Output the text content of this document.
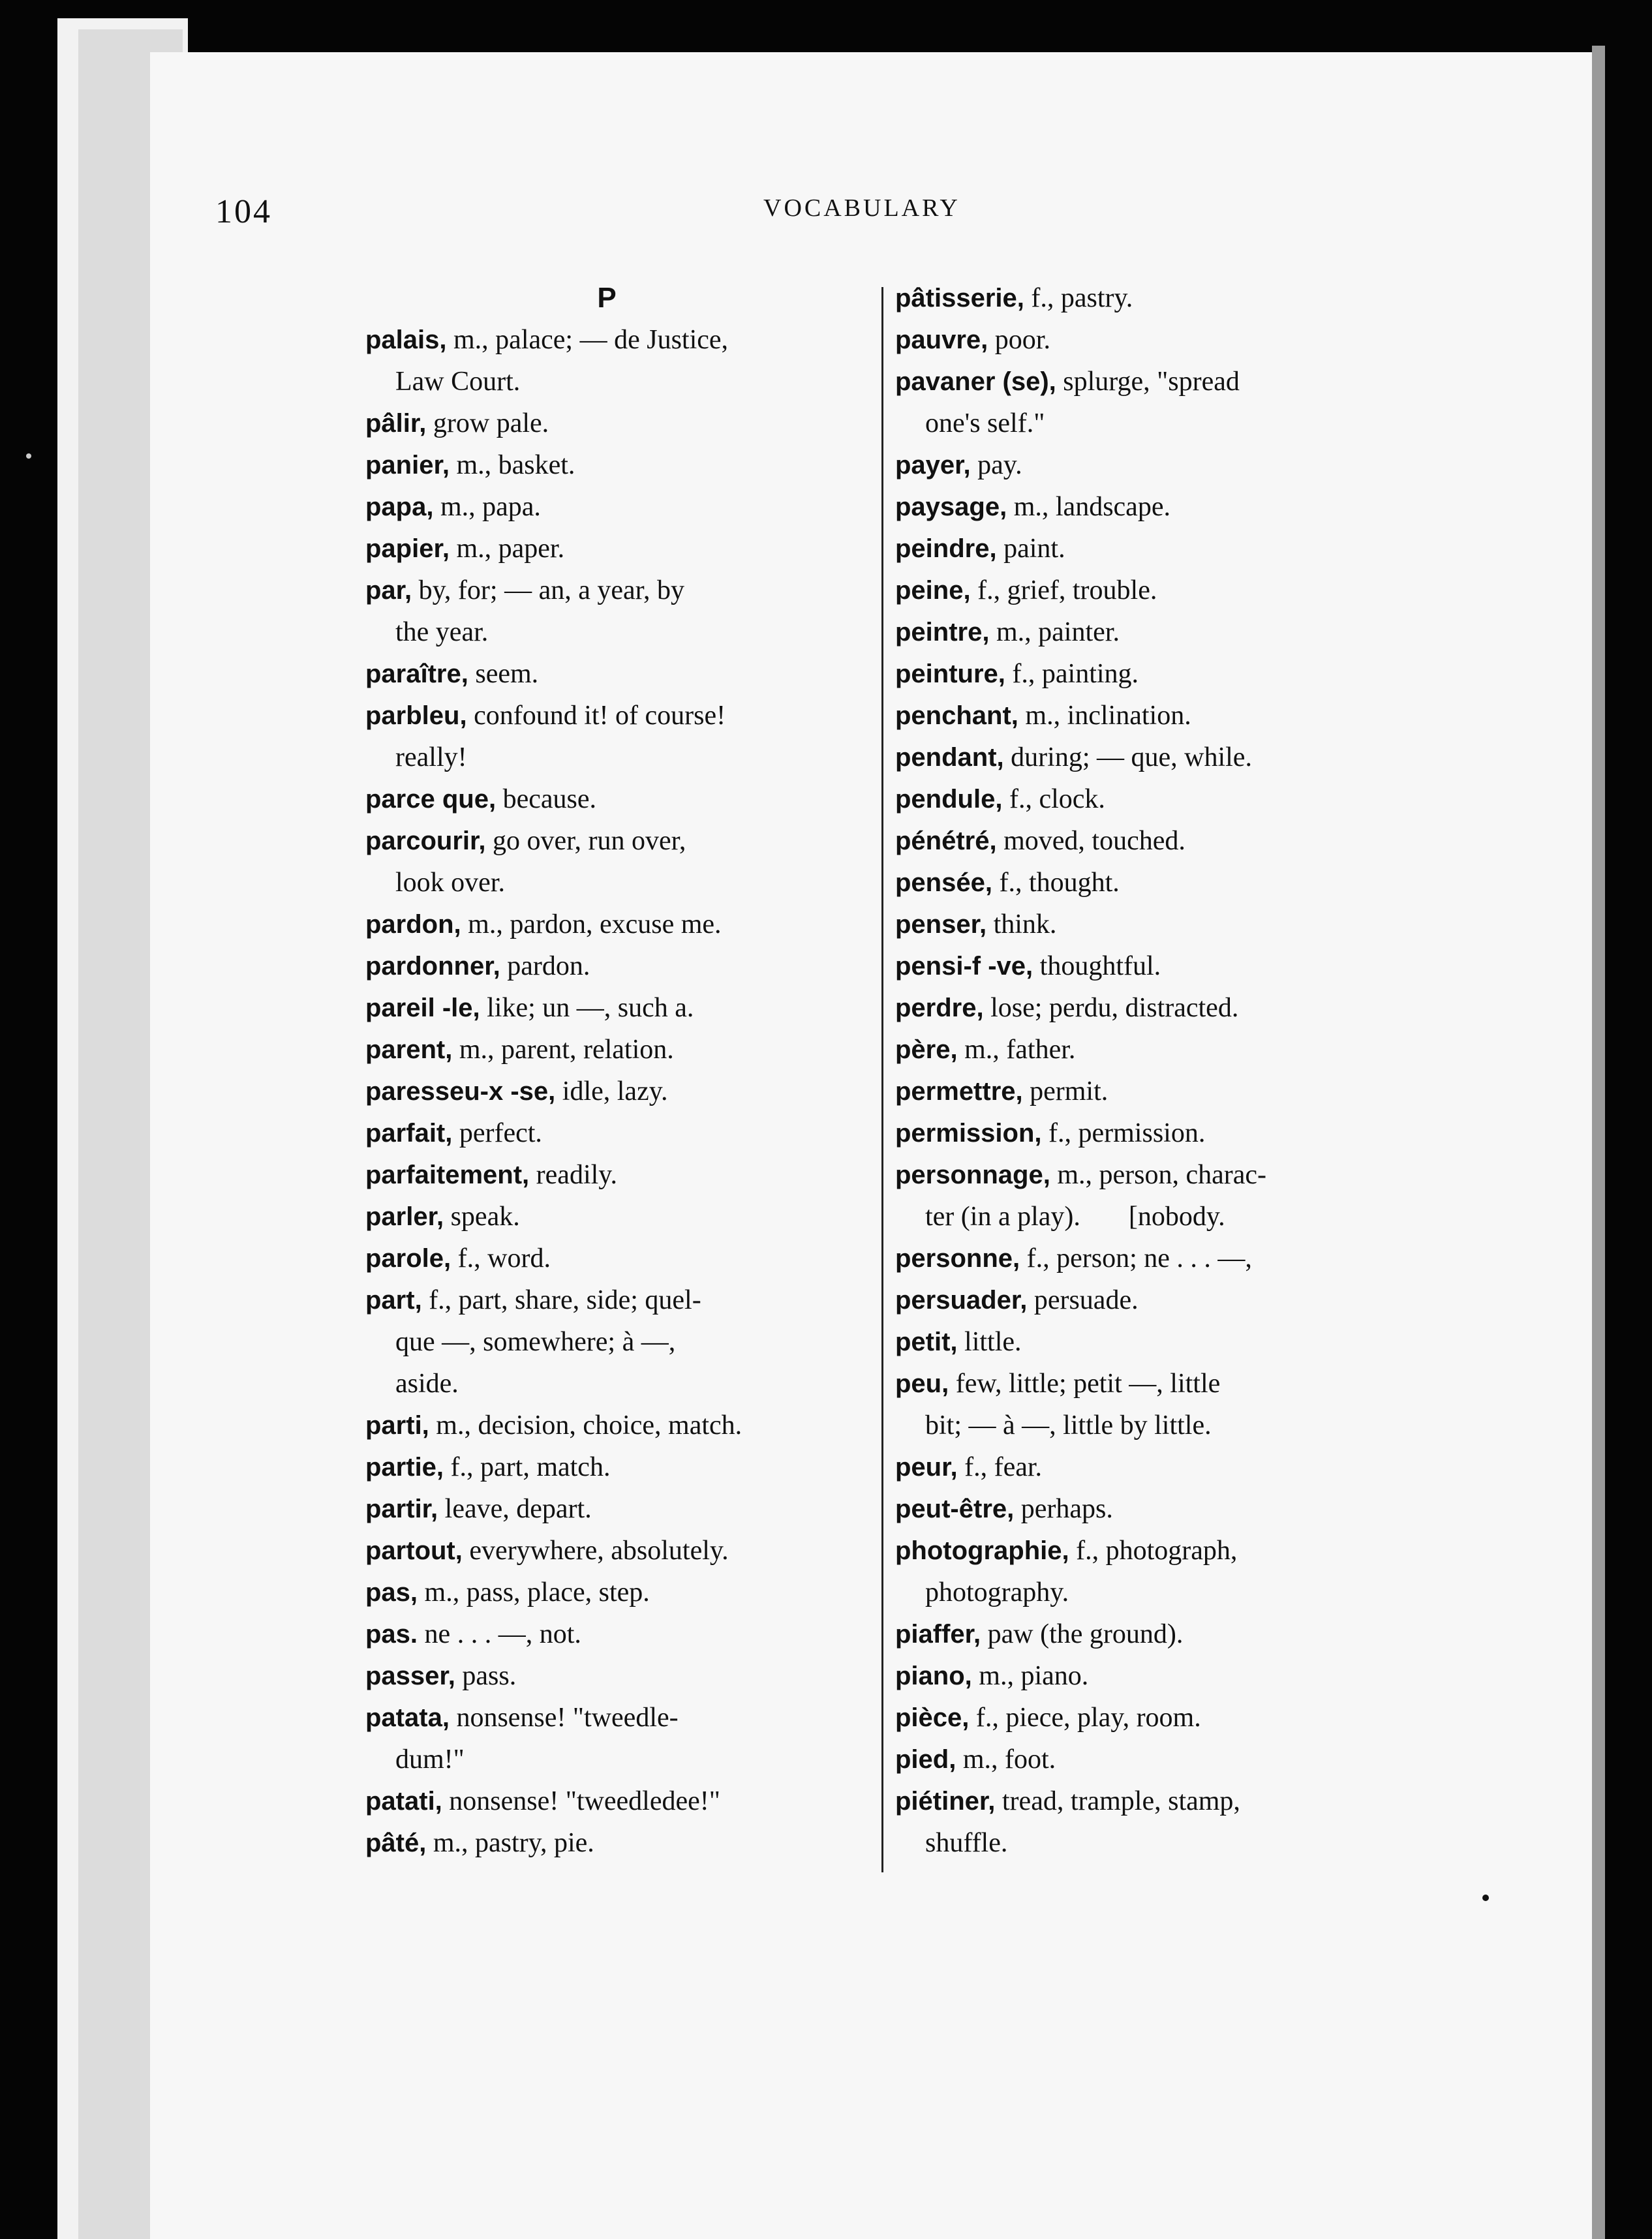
104	VOCABULARY
P
palais, m., palace; — de Justice,
Law Court.
pâlir, grow pale.
panier, m., basket.
papa, m., papa.
papier, m., paper.
par, by, for; — an, a year, by
the year.
paraître, seem.
parbleu, confound it! of course!
really!
parce que, because.
parcourir, go over, run over,
look over.
pardon, m., pardon, excuse me.
pardonner, pardon.
pareil -le, like; un —, such a.
parent, m., parent, relation.
paresseu-x -se, idle, lazy.
parfait, perfect.
parfaitement, readily.
parler, speak.
parole, f., word.
part, f., part, share, side; quel-
que —, somewhere; à —,
aside.
parti, m., decision, choice, match.
partie, f., part, match.
partir, leave, depart.
partout, everywhere, absolutely.
pas, m., pass, place, step.
pas. ne . . . —, not.
passer, pass.
patata, nonsense! "tweedle-
dum!"
patati, nonsense! "tweedledee!"
pâté, m., pastry, pie.
pâtisserie, f., pastry.
pauvre, poor.
pavaner (se), splurge, "spread
one's self."
payer, pay.
paysage, m., landscape.
peindre, paint.
peine, f., grief, trouble.
peintre, m., painter.
peinture, f., painting.
penchant, m., inclination.
pendant, during; — que, while.
pendule, f., clock.
pénétré, moved, touched.
pensée, f., thought.
penser, think.
pensi-f -ve, thoughtful.
perdre, lose; perdu, distracted.
père, m., father.
permettre, permit.
permission, f., permission.
personnage, m., person, charac-
ter (in a play). [nobody.
personne, f., person; ne . . . —,
persuader, persuade.
petit, little.
peu, few, little; petit —, little
bit; — à —, little by little.
peur, f., fear.
peut-être, perhaps.
photographie, f., photograph,
photography.
piaffer, paw (the ground).
piano, m., piano.
pièce, f., piece, play, room.
pied, m., foot.
piétiner, tread, trample, stamp,
shuffle.
